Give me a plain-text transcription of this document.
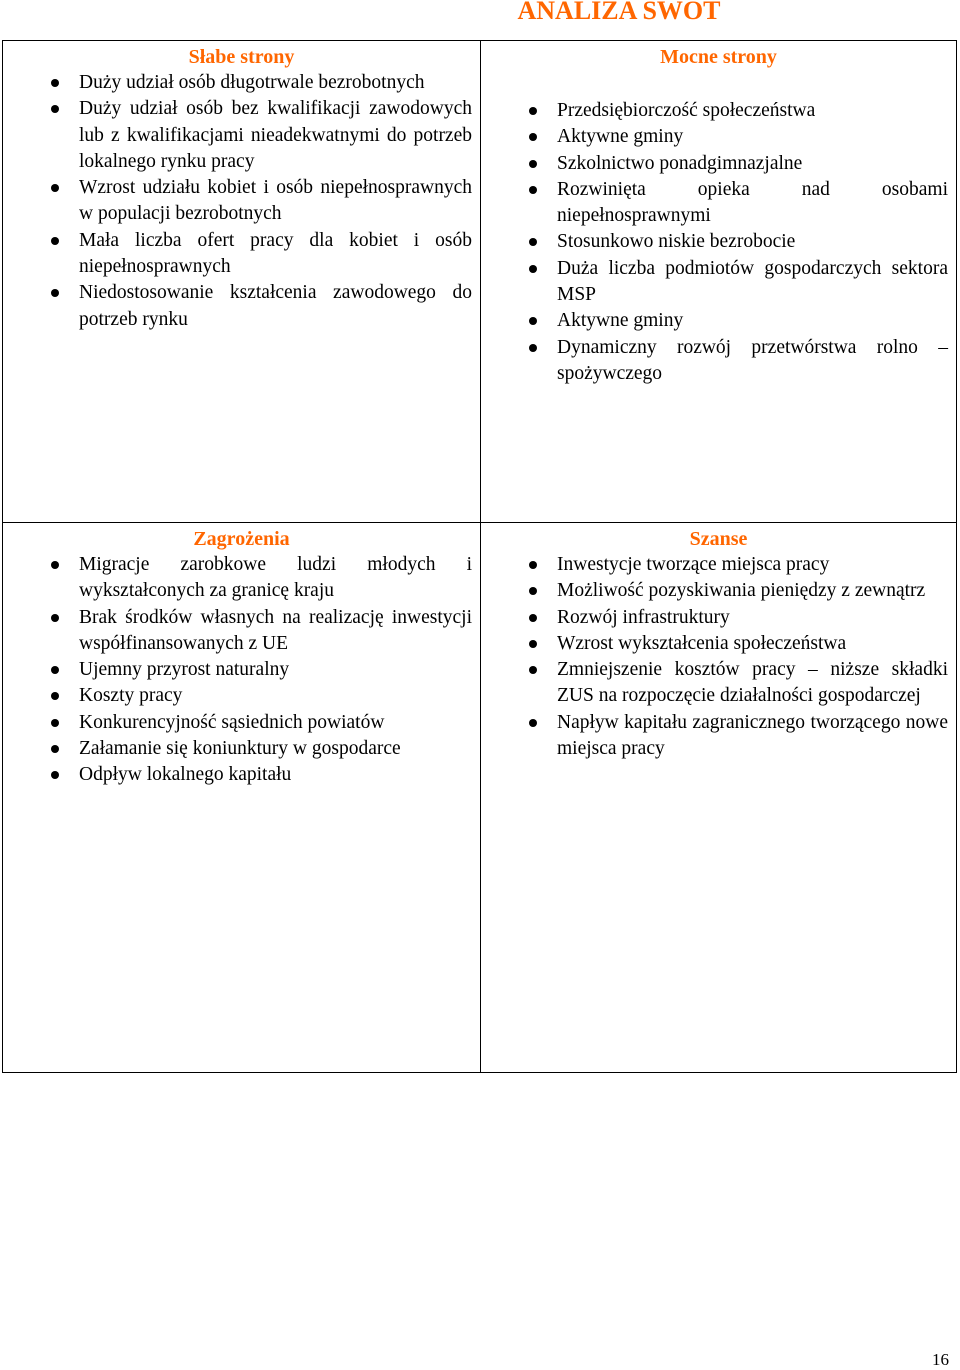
ANALIZA SWOT
Słabe strony
Duży udział osób długotrwale bezrobotnych
Duży udział osób bez kwalifikacji zawodowych lub z kwalifikacjami nieadekwatnymi do potrzeb lokalnego rynku pracy
Wzrost udziału kobiet i osób niepełnosprawnych w populacji bezrobotnych
Mała liczba ofert pracy dla kobiet i osób niepełnosprawnych
Niedostosowanie kształcenia zawodowego do potrzeb rynku
Mocne strony
Przedsiębiorczość społeczeństwa
Aktywne gminy
Szkolnictwo ponadgimnazjalne
Rozwinięta opieka nad osobami niepełnosprawnymi
Stosunkowo niskie bezrobocie
Duża liczba podmiotów gospodarczych sektora MSP
Aktywne gminy
Dynamiczny rozwój przetwórstwa rolno – spożywczego
Zagrożenia
Migracje zarobkowe ludzi młodych i wykształconych za granicę kraju
Brak środków własnych na realizację inwestycji współfinansowanych z UE
Ujemny przyrost naturalny
Koszty pracy
Konkurencyjność sąsiednich powiatów
Załamanie się koniunktury w gospodarce
Odpływ lokalnego kapitału
Szanse
Inwestycje tworzące miejsca pracy
Możliwość pozyskiwania pieniędzy z zewnątrz
Rozwój infrastruktury
Wzrost wykształcenia społeczeństwa
Zmniejszenie kosztów pracy – niższe składki ZUS na rozpoczęcie działalności gospodarczej
Napływ kapitału zagranicznego tworzącego nowe miejsca pracy
16
